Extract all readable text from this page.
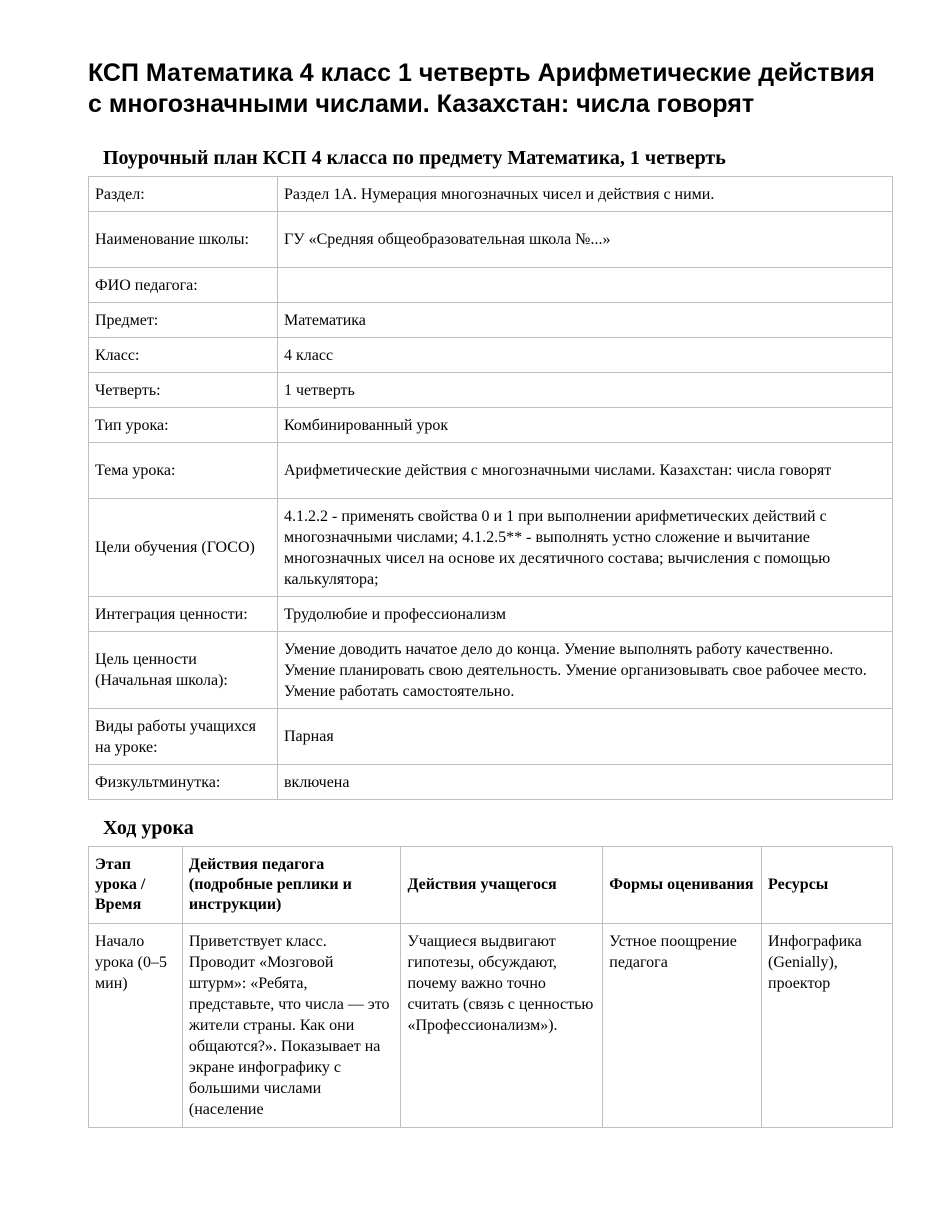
КСП Математика 4 класс 1 четверть Арифметические действия с многозначными числами. Казахстан: числа говорят
Поурочный план КСП 4 класса по предмету Математика, 1 четверть
Раздел:	Раздел 1А. Нумерация многозначных чисел и действия с ними.
Наименование школы:	ГУ «Средняя общеобразовательная школа №...»
ФИО педагога:	
Предмет:	Математика
Класс:	4 класс
Четверть:	1 четверть
Тип урока:	Комбинированный урок
Тема урока:	Арифметические действия с многозначными числами. Казахстан: числа говорят
Цели обучения (ГОСО)	4.1.2.2 - применять свойства 0 и 1 при выполнении арифметических действий с многозначными числами; 4.1.2.5** - выполнять устно сложение и вычитание многозначных чисел на основе их десятичного состава; вычисления с помощью калькулятора;
Интеграция ценности:	Трудолюбие и профессионализм
Цель ценности (Начальная школа):	Умение доводить начатое дело до конца. Умение выполнять работу качественно. Умение планировать свою деятельность. Умение организовывать свое рабочее место. Умение работать самостоятельно.
Виды работы учащихся на уроке:	Парная
Физкультминутка:	включена
Ход урока
Этап урока / Время	Действия педагога (подробные реплики и инструкции)	Действия учащегося	Формы оценивания	Ресурсы
Начало урока (0–5 мин)	Приветствует класс. Проводит «Мозговой штурм»: «Ребята, представьте, что числа — это жители страны. Как они общаются?». Показывает на экране инфографику с большими числами (население	Учащиеся выдвигают гипотезы, обсуждают, почему важно точно считать (связь с ценностью «Профессионализм»).	Устное поощрение педагога	Инфографика (Genially), проектор
